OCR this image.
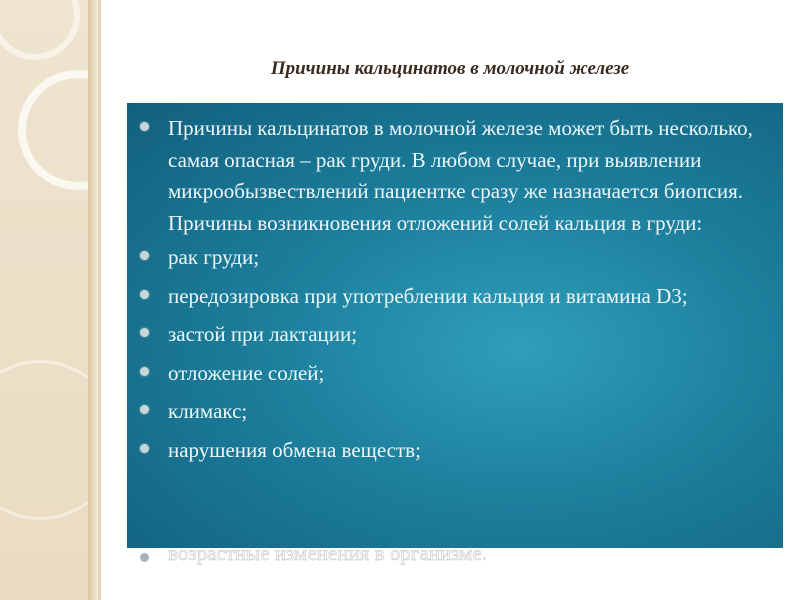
Причины кальцинатов в молочной железе
Причины кальцинатов в молочной железе может быть несколько, самая опасная – рак груди. В любом случае, при выявлении микрообызвествлений пациентке сразу же назначается биопсия. Причины возникновения отложений солей кальция в груди:
рак груди;
передозировка при употреблении кальция и витамина D3;
застой при лактации;
отложение солей;
климакс;
нарушения обмена веществ;
возрастные изменения в организме.
